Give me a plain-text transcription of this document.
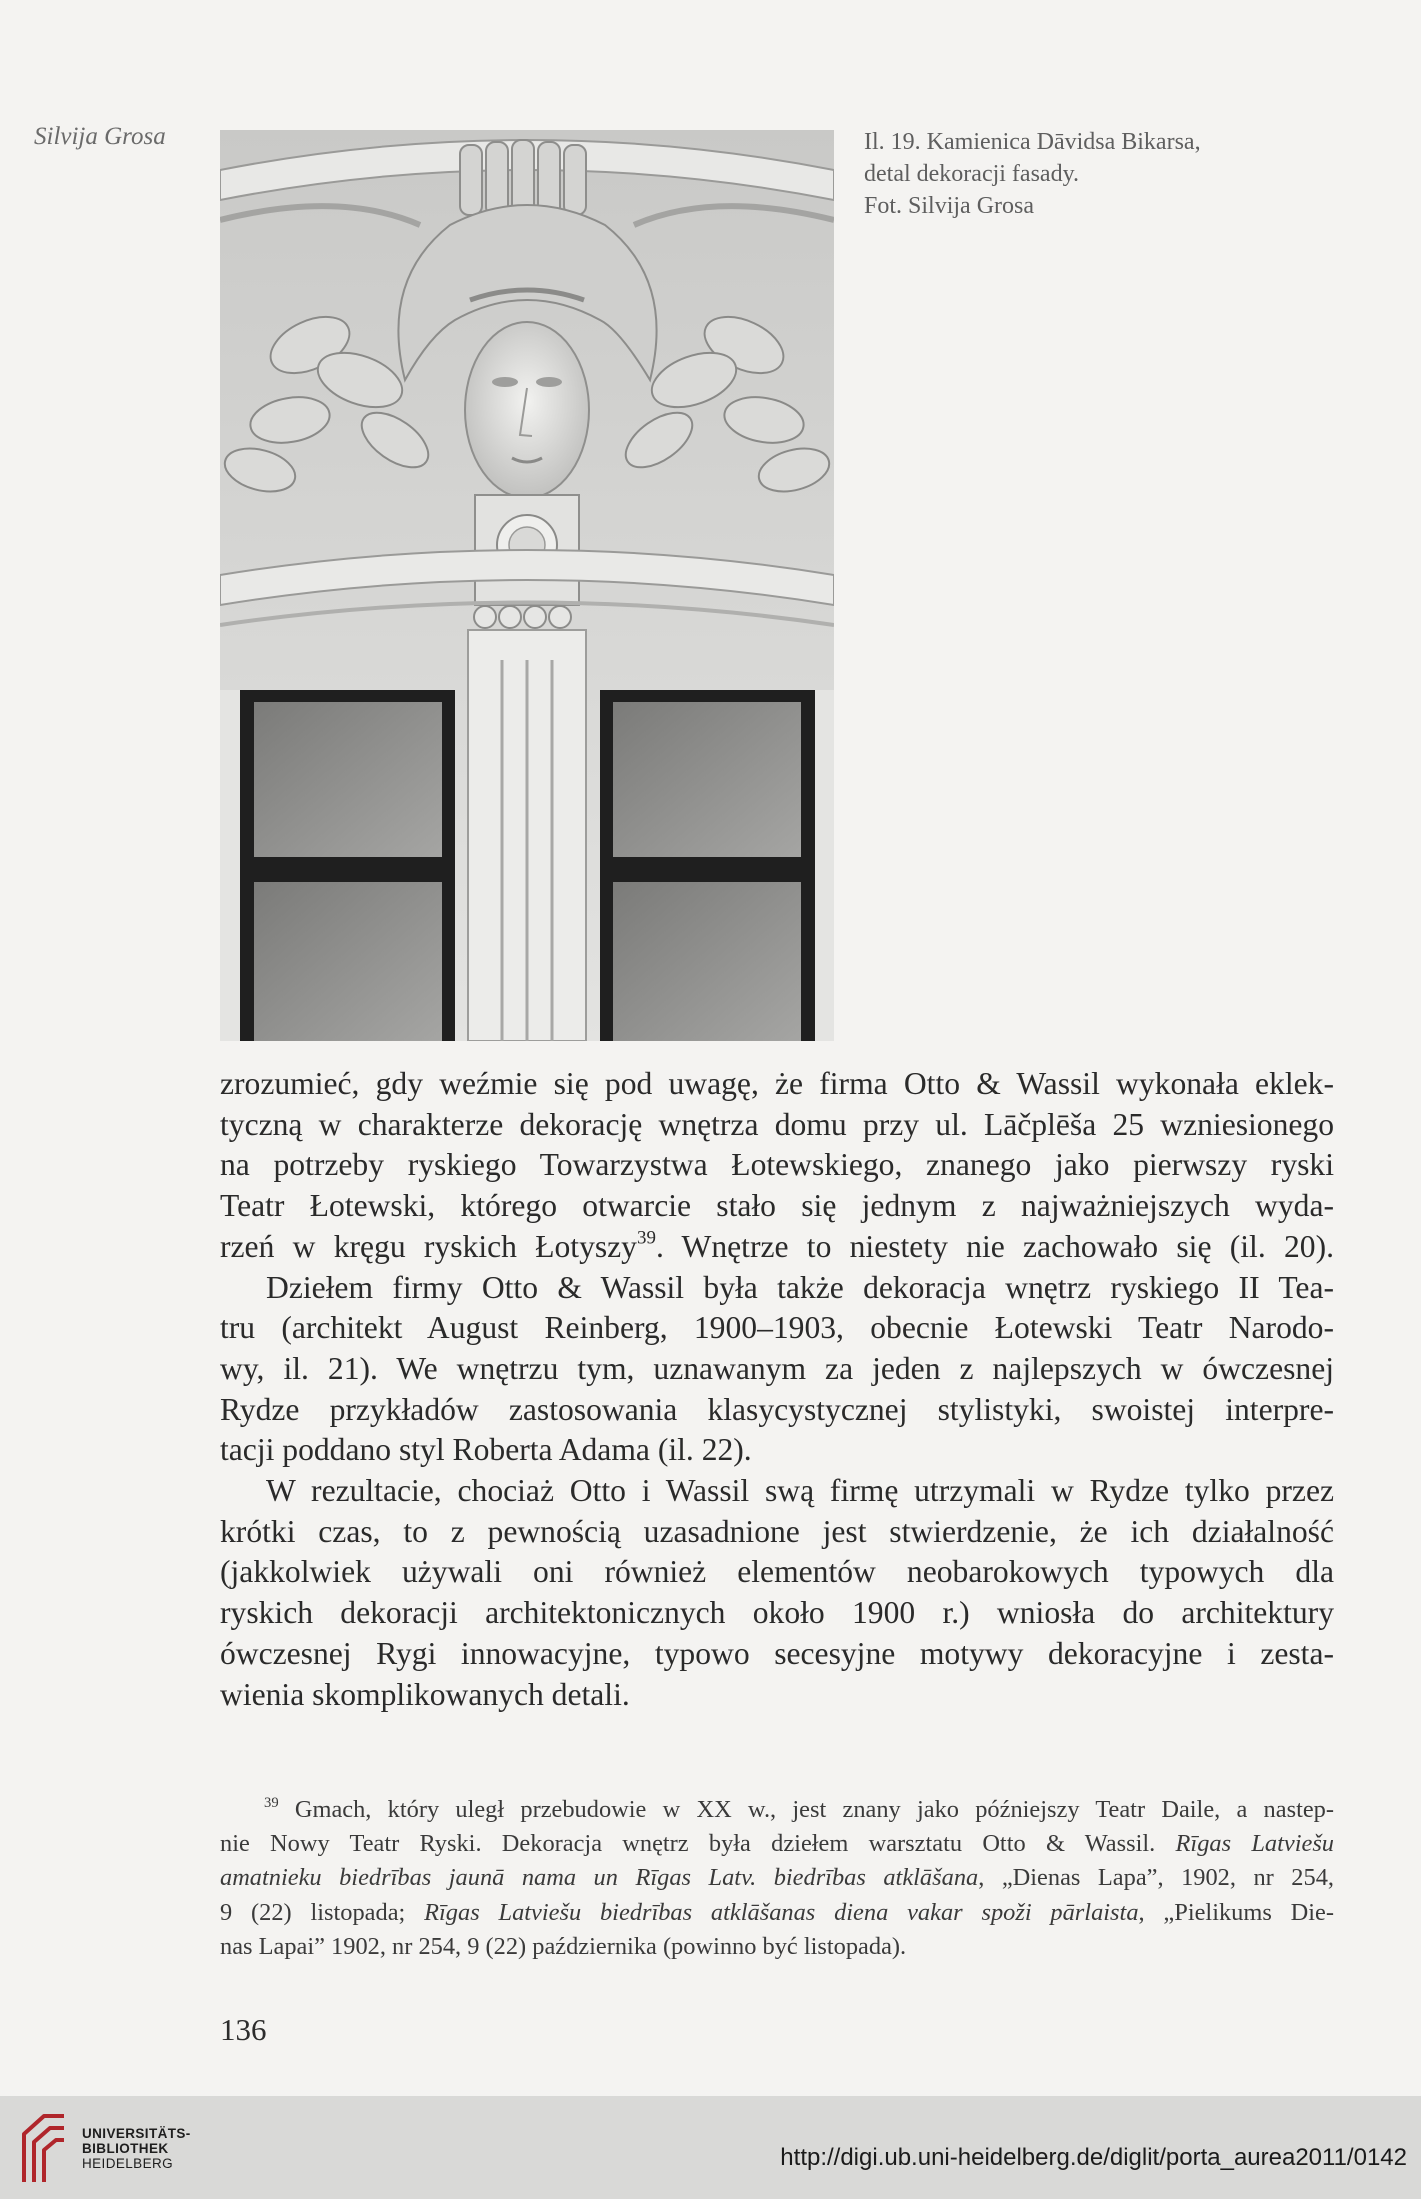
Silvija Grosa	Il. 19. Kamienica Dāvidsa Bikarsa,
detal dekoracji fasady.
Fot. Silvija Grosa

zrozumieć, gdy weźmie się pod uwagę, że firma Otto & Wassil wykonała eklek-
tyczną w charakterze dekorację wnętrza domu przy ul. Lāčplēša 25 wzniesionego
na potrzeby ryskiego Towarzystwa Łotewskiego, znanego jako pierwszy ryski
Teatr Łotewski, którego otwarcie stało się jednym z najważniejszych wyda-
rzeń w kręgu ryskich Łotyszy$^{39}$. Wnętrze to niestety nie zachowało się (il. 20).

Dziełem firmy Otto & Wassil była także dekoracja wnętrz ryskiego II Tea-
tru (architekt August Reinberg, 1900–1903, obecnie Łotewski Teatr Narodo-
wy, il. 21). We wnętrzu tym, uznawanym za jeden z najlepszych w ówczesnej
Rydze przykładów zastosowania klasycystycznej stylistyki, swoistej interpre-
tacji poddano styl Roberta Adama (il. 22).

W rezultacie, chociaż Otto i Wassil swą firmę utrzymali w Rydze tylko przez
krótki czas, to z pewnością uzasadnione jest stwierdzenie, że ich działalność
(jakkolwiek używali oni również elementów neobarokowych typowych dla
ryskich dekoracji architektonicznych około 1900 r.) wniosła do architektury
ówczesnej Rygi innowacyjne, typowo secesyjne motywy dekoracyjne i zesta-
wienia skomplikowanych detali.

$^{39}$ Gmach, który uległ przebudowie w XX w., jest znany jako późniejszy Teatr Daile, a nastep-
nie Nowy Teatr Ryski. Dekoracja wnętrz była dziełem warsztatu Otto & Wassil. Rīgas Latviešu
amatnieku biedrības jaunā nama un Rīgas Latv. biedrības atklāšana, „Dienas Lapa”, 1902, nr 254,
9 (22) listopada; Rīgas Latviešu biedrības atklāšanas diena vakar spoži pārlaista, „Pielikums Die-
nas Lapai” 1902, nr 254, 9 (22) października (powinno być listopada).
136
UNIVERSITÄTS-
BIBLIOTHEK
HEIDELBERG	http://digi.ub.uni-heidelberg.de/diglit/porta_aurea2011/0142
